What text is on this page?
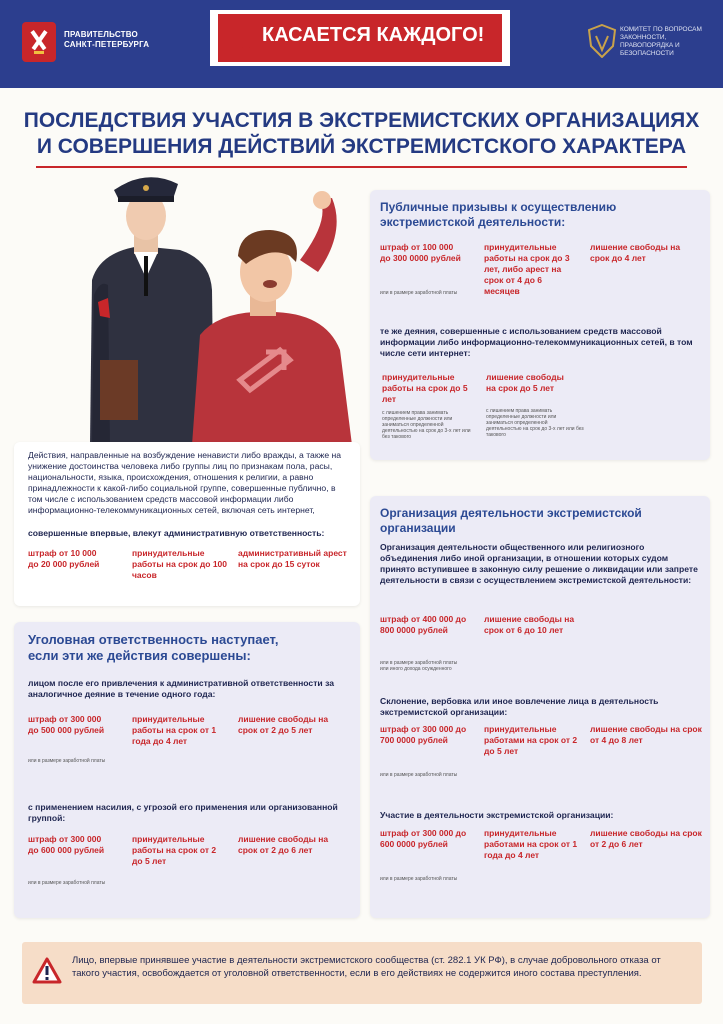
ПРАВИТЕЛЬСТВО
САНКТ-ПЕТЕРБУРГА ! КАСАЕТСЯ КАЖДОГО!	КОМИТЕТ ПО ВОПРОСАМ ЗАКОННОСТИ, ПРАВОПОРЯДКА И БЕЗОПАСНОСТИ
ПОСЛЕДСТВИЯ УЧАСТИЯ В ЭКСТРЕМИСТСКИХ ОРГАНИЗАЦИЯХ
И СОВЕРШЕНИЯ ДЕЙСТВИЙ ЭКСТРЕМИСТСКОГО ХАРАКТЕРА
Действия, направленные на возбуждение ненависти либо вражды, а также на унижение достоинства человека либо группы лиц по признакам пола, расы, национальности, языка, происхождения, отношения к религии, а равно принадлежности к какой-либо социальной группе, совершенные публично, в том числе с использованием средств массовой информации либо информационно-телекоммуникационных сетей, включая сеть интернет,
совершенные впервые, влекут административную ответственность:
штраф от 10 000 до 20 000 рублей
принудительные работы на срок до 100 часов
административный арест на срок до 15 суток
Уголовная ответственность наступает, если эти же действия совершены:
лицом после его привлечения к административной ответственности за аналогичное деяние в течение одного года:
штраф от 300 000 до 500 000 рублей
или в размере заработной платы
принудительные работы на срок от 1 года до 4 лет
лишение свободы на срок от 2 до 5 лет
с применением насилия, с угрозой его применения или организованной группой:
штраф от 300 000 до 600 000 рублей
или в размере заработной платы
принудительные работы на срок от 2 до 5 лет
лишение свободы на срок от 2 до 6 лет
Публичные призывы к осуществлению экстремистской деятельности:
штраф от 100 000 до 300 0000 рублей
или в размере заработной платы
принудительные работы на срок до 3 лет, либо арест на срок от 4 до 6 месяцев
лишение свободы на срок до 4 лет
те же деяния, совершенные с использованием средств массовой информации либо информационно-телекоммуникационных сетей, в том числе сети интернет:
принудительные работы на срок до 5 лет
с лишением права занимать определенные должности или заниматься определенной деятельностью на срок до 3-х лет или без такового
лишение свободы на срок до 5 лет
с лишением права занимать определенные должности или заниматься определенной деятельностью на срок до 3-х лет или без такового
Организация деятельности экстремистской организации
Организация деятельности общественного или религиозного объединения либо иной организации, в отношении которых судом принято вступившее в законную силу решение о ликвидации или запрете деятельности в связи с осуществлением экстремистской деятельности:
штраф от 400 000 до 800 0000 рублей
или в размере заработной платы или иного дохода осужденного
лишение свободы на срок от 6 до 10 лет
Склонение, вербовка или иное вовлечение лица в деятельность экстремистской организации:
штраф от 300 000 до 700 0000 рублей
или в размере заработной платы
принудительные работами на срок от 2 до 5 лет
лишение свободы на срок от 4 до 8 лет
Участие в деятельности экстремистской организации:
штраф от 300 000 до 600 0000 рублей
или в размере заработной платы
принудительные работами на срок от 1 года до 4 лет
лишение свободы на срок от 2 до 6 лет
Лицо, впервые принявшее участие в деятельности экстремистского сообщества (ст. 282.1 УК РФ), в случае добровольного отказа от такого участия, освобождается от уголовной ответственности, если в его действиях не содержится иного состава преступления.
